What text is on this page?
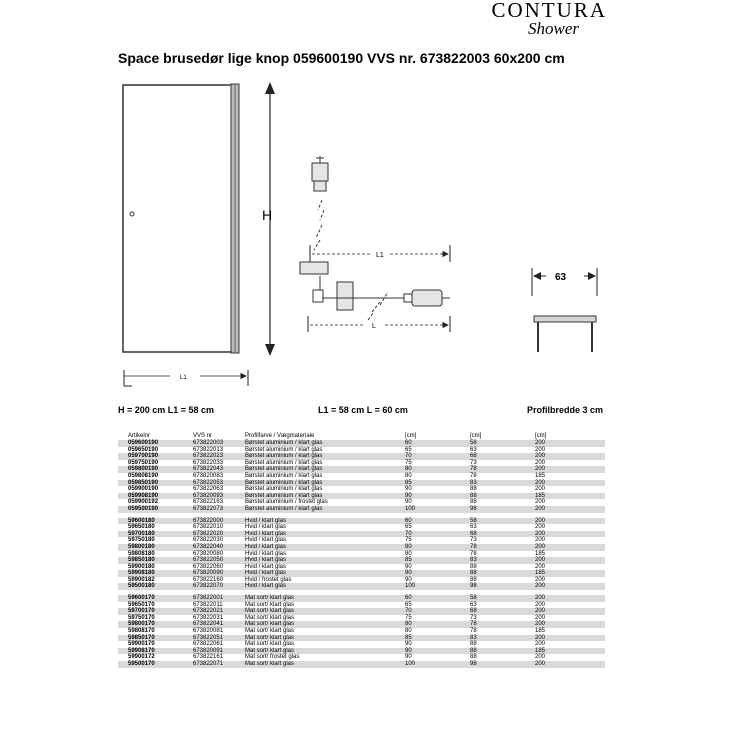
CONTURA
Shower
Space brusedør lige knop 059600190 VVS nr. 673822003 60x200 cm
H
L1
L1
L
63
H = 200 cm L1 = 58 cm	L1 = 58 cm L = 60 cm	Profilbredde 3 cm
Artikelnr	VVS nr	Profilfarve / Vægmateriale	[cm]	[cm]	[cm]
059600190	673822003	Børstet aluminium / klart glas	60	58	200
059650190	673822013	Børstet aluminium / klart glas	65	63	200
059700190	673822023	Børstet aluminium / klart glas	70	68	200
059750190	673822033	Børstet aluminium / klart glas	75	73	200
059800190	673822043	Børstet aluminium / klart glas	80	78	200
059808190	673820083	Børstet aluminium / klart glas	80	78	185
059850190	673822053	Børstet aluminium / klart glas	85	83	200
059900190	673822063	Børstet aluminium / klart glas	90	88	200
059908190	673820093	Børstet aluminium / klart glas	90	88	185
059900192	673822163	Børstet aluminium / frostet glas	90	88	200
059500190	673822073	Børstet aluminium / klart glas	100	98	200

59600180	673822000	Hvid / klart glas	60	58	200
59650180	673822010	Hvid / klart glas	65	63	200
59700180	673822020	Hvid / klart glas	70	68	200
59750180	673822030	Hvid / klart glas	75	73	200
59800180	673822040	Hvid / klart glas	80	78	200
59808180	673820080	Hvid / klart glas	80	78	185
59850180	673822050	Hvid / klart glas	85	83	200
59900180	673822060	Hvid / klart glas	90	88	200
59908180	673820090	Hvid / klart glas	90	88	185
59900182	673822160	Hvid / frostet glas	90	88	200
59500180	673822070	Hvid / klart glas	100	98	200

59600170	673822001	Mat sort/ klart glas	60	58	200
59650170	673822011	Mat sort/ klart glas	65	63	200
59700170	673822021	Mat sort/ klart glas	70	68	200
59750170	673822031	Mat sort/ klart glas	75	73	200
59800170	673822041	Mat sort/ klart glas	80	78	200
59808170	673820081	Mat sort/ klart glas	80	78	185
59850170	673822051	Mat sort/ klart glas	85	83	200
59900170	673822061	Mat sort/ klart glas	90	88	200
59908170	673820091	Mat sort/ klart glas	90	88	185
59900172	673822161	Mat sort/ frostet glas	90	88	200
59500170	673822071	Mat sort/ klart glas	100	98	200
